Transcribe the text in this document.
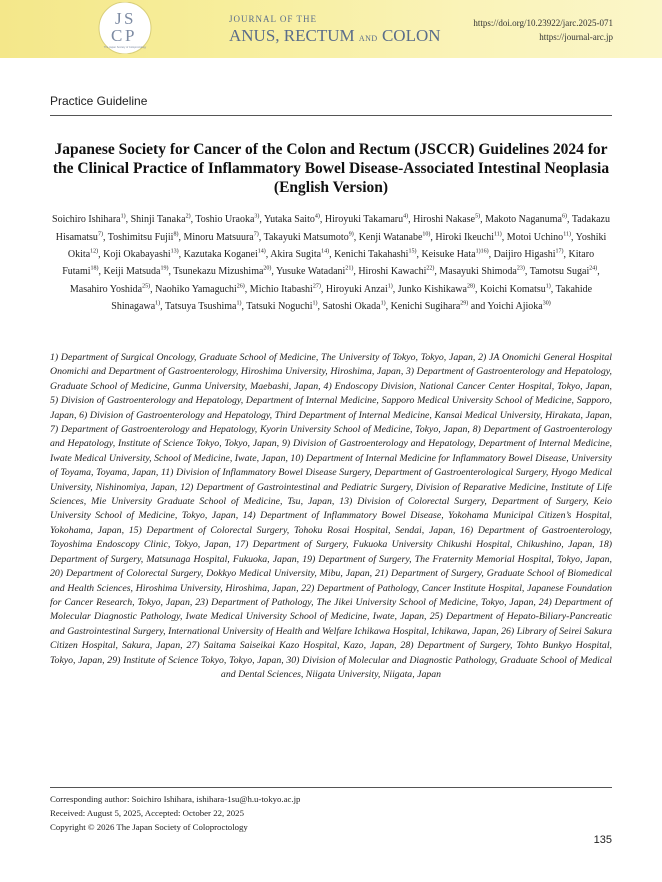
J S
C P
The Japan Society of Coloproctology
JOURNAL OF THE
ANUS, RECTUM AND COLON
https://doi.org/10.23922/jarc.2025-071
https://journal-arc.jp
Practice Guideline
Japanese Society for Cancer of the Colon and Rectum (JSCCR) Guidelines 2024 for the Clinical Practice of Inflammatory Bowel Disease-Associated Intestinal Neoplasia (English Version)
Soichiro Ishihara$^{1)}$, Shinji Tanaka$^{2)}$, Toshio Uraoka$^{3)}$, Yutaka Saito$^{4)}$, Hiroyuki Takamaru$^{4)}$, Hiroshi Nakase$^{5)}$, Makoto Naganuma$^{6)}$, Tadakazu Hisamatsu$^{7)}$, Toshimitsu Fujii$^{8)}$, Minoru Matsuura$^{7)}$, Takayuki Matsumoto$^{9)}$, Kenji Watanabe$^{10)}$, Hiroki Ikeuchi$^{11)}$, Motoi Uchino$^{11)}$, Yoshiki Okita$^{12)}$, Koji Okabayashi$^{13)}$, Kazutaka Koganei$^{14)}$, Akira Sugita$^{14)}$, Kenichi Takahashi$^{15)}$, Keisuke Hata$^{1)16)}$, Daijiro Higashi$^{17)}$, Kitaro Futami$^{18)}$, Keiji Matsuda$^{19)}$, Tsunekazu Mizushima$^{20)}$, Yusuke Watadani$^{21)}$, Hiroshi Kawachi$^{22)}$, Masayuki Shimoda$^{23)}$, Tamotsu Sugai$^{24)}$, Masahiro Yoshida$^{25)}$, Naohiko Yamaguchi$^{26)}$, Michio Itabashi$^{27)}$, Hiroyuki Anzai$^{1)}$, Junko Kishikawa$^{28)}$, Koichi Komatsu$^{1)}$, Takahide Shinagawa$^{1)}$, Tatsuya Tsushima$^{1)}$, Tatsuki Noguchi$^{1)}$, Satoshi Okada$^{1)}$, Kenichi Sugihara$^{29)}$ and Yoichi Ajioka$^{30)}$
1) Department of Surgical Oncology, Graduate School of Medicine, The University of Tokyo, Tokyo, Japan, 2) JA Onomichi General Hospital Onomichi and Department of Gastroenterology, Hiroshima University, Hiroshima, Japan, 3) Department of Gastroenterology and Hepatology, Graduate School of Medicine, Gunma University, Maebashi, Japan, 4) Endoscopy Division, National Cancer Center Hospital, Tokyo, Japan, 5) Division of Gastroenterology and Hepatology, Department of Internal Medicine, Sapporo Medical University School of Medicine, Sapporo, Japan, 6) Division of Gastroenterology and Hepatology, Third Department of Internal Medicine, Kansai Medical University, Hirakata, Japan, 7) Department of Gastroenterology and Hepatology, Kyorin University School of Medicine, Tokyo, Japan, 8) Department of Gastroenterology and Hepatology, Institute of Science Tokyo, Tokyo, Japan, 9) Division of Gastroenterology and Hepatology, Department of Internal Medicine, Iwate Medical University, School of Medicine, Iwate, Japan, 10) Department of Internal Medicine for Inflammatory Bowel Disease, University of Toyama, Toyama, Japan, 11) Division of Inflammatory Bowel Disease Surgery, Department of Gastroenterological Surgery, Hyogo Medical University, Nishinomiya, Japan, 12) Department of Gastrointestinal and Pediatric Surgery, Division of Reparative Medicine, Institute of Life Sciences, Mie University Graduate School of Medicine, Tsu, Japan, 13) Division of Colorectal Surgery, Department of Surgery, Keio University School of Medicine, Tokyo, Japan, 14) Department of Inflammatory Bowel Disease, Yokohama Municipal Citizen’s Hospital, Yokohama, Japan, 15) Department of Colorectal Surgery, Tohoku Rosai Hospital, Sendai, Japan, 16) Department of Gastroenterology, Toyoshima Endoscopy Clinic, Tokyo, Japan, 17) Department of Surgery, Fukuoka University Chikushi Hospital, Chikushino, Japan, 18) Department of Surgery, Matsunaga Hospital, Fukuoka, Japan, 19) Department of Surgery, The Fraternity Memorial Hospital, Tokyo, Japan, 20) Department of Colorectal Surgery, Dokkyo Medical University, Mibu, Japan, 21) Department of Surgery, Graduate School of Biomedical and Health Sciences, Hiroshima University, Hiroshima, Japan, 22) Department of Pathology, Cancer Institute Hospital, Japanese Foundation for Cancer Research, Tokyo, Japan, 23) Department of Pathology, The Jikei University School of Medicine, Tokyo, Japan, 24) Department of Molecular Diagnostic Pathology, Iwate Medical University School of Medicine, Iwate, Japan, 25) Department of Hepato-Biliary-Pancreatic and Gastrointestinal Surgery, International University of Health and Welfare Ichikawa Hospital, Ichikawa, Japan, 26) Library of Seirei Sakura Citizen Hospital, Sakura, Japan, 27) Saitama Saiseikai Kazo Hospital, Kazo, Japan, 28) Department of Surgery, Tohto Bunkyo Hospital, Tokyo, Japan, 29) Institute of Science Tokyo, Tokyo, Japan, 30) Division of Molecular and Diagnostic Pathology, Graduate School of Medical and Dental Sciences, Niigata University, Niigata, Japan
Corresponding author: Soichiro Ishihara, ishihara-1su@h.u-tokyo.ac.jp
Received: August 5, 2025, Accepted: October 22, 2025
Copyright © 2026 The Japan Society of Coloproctology
135
